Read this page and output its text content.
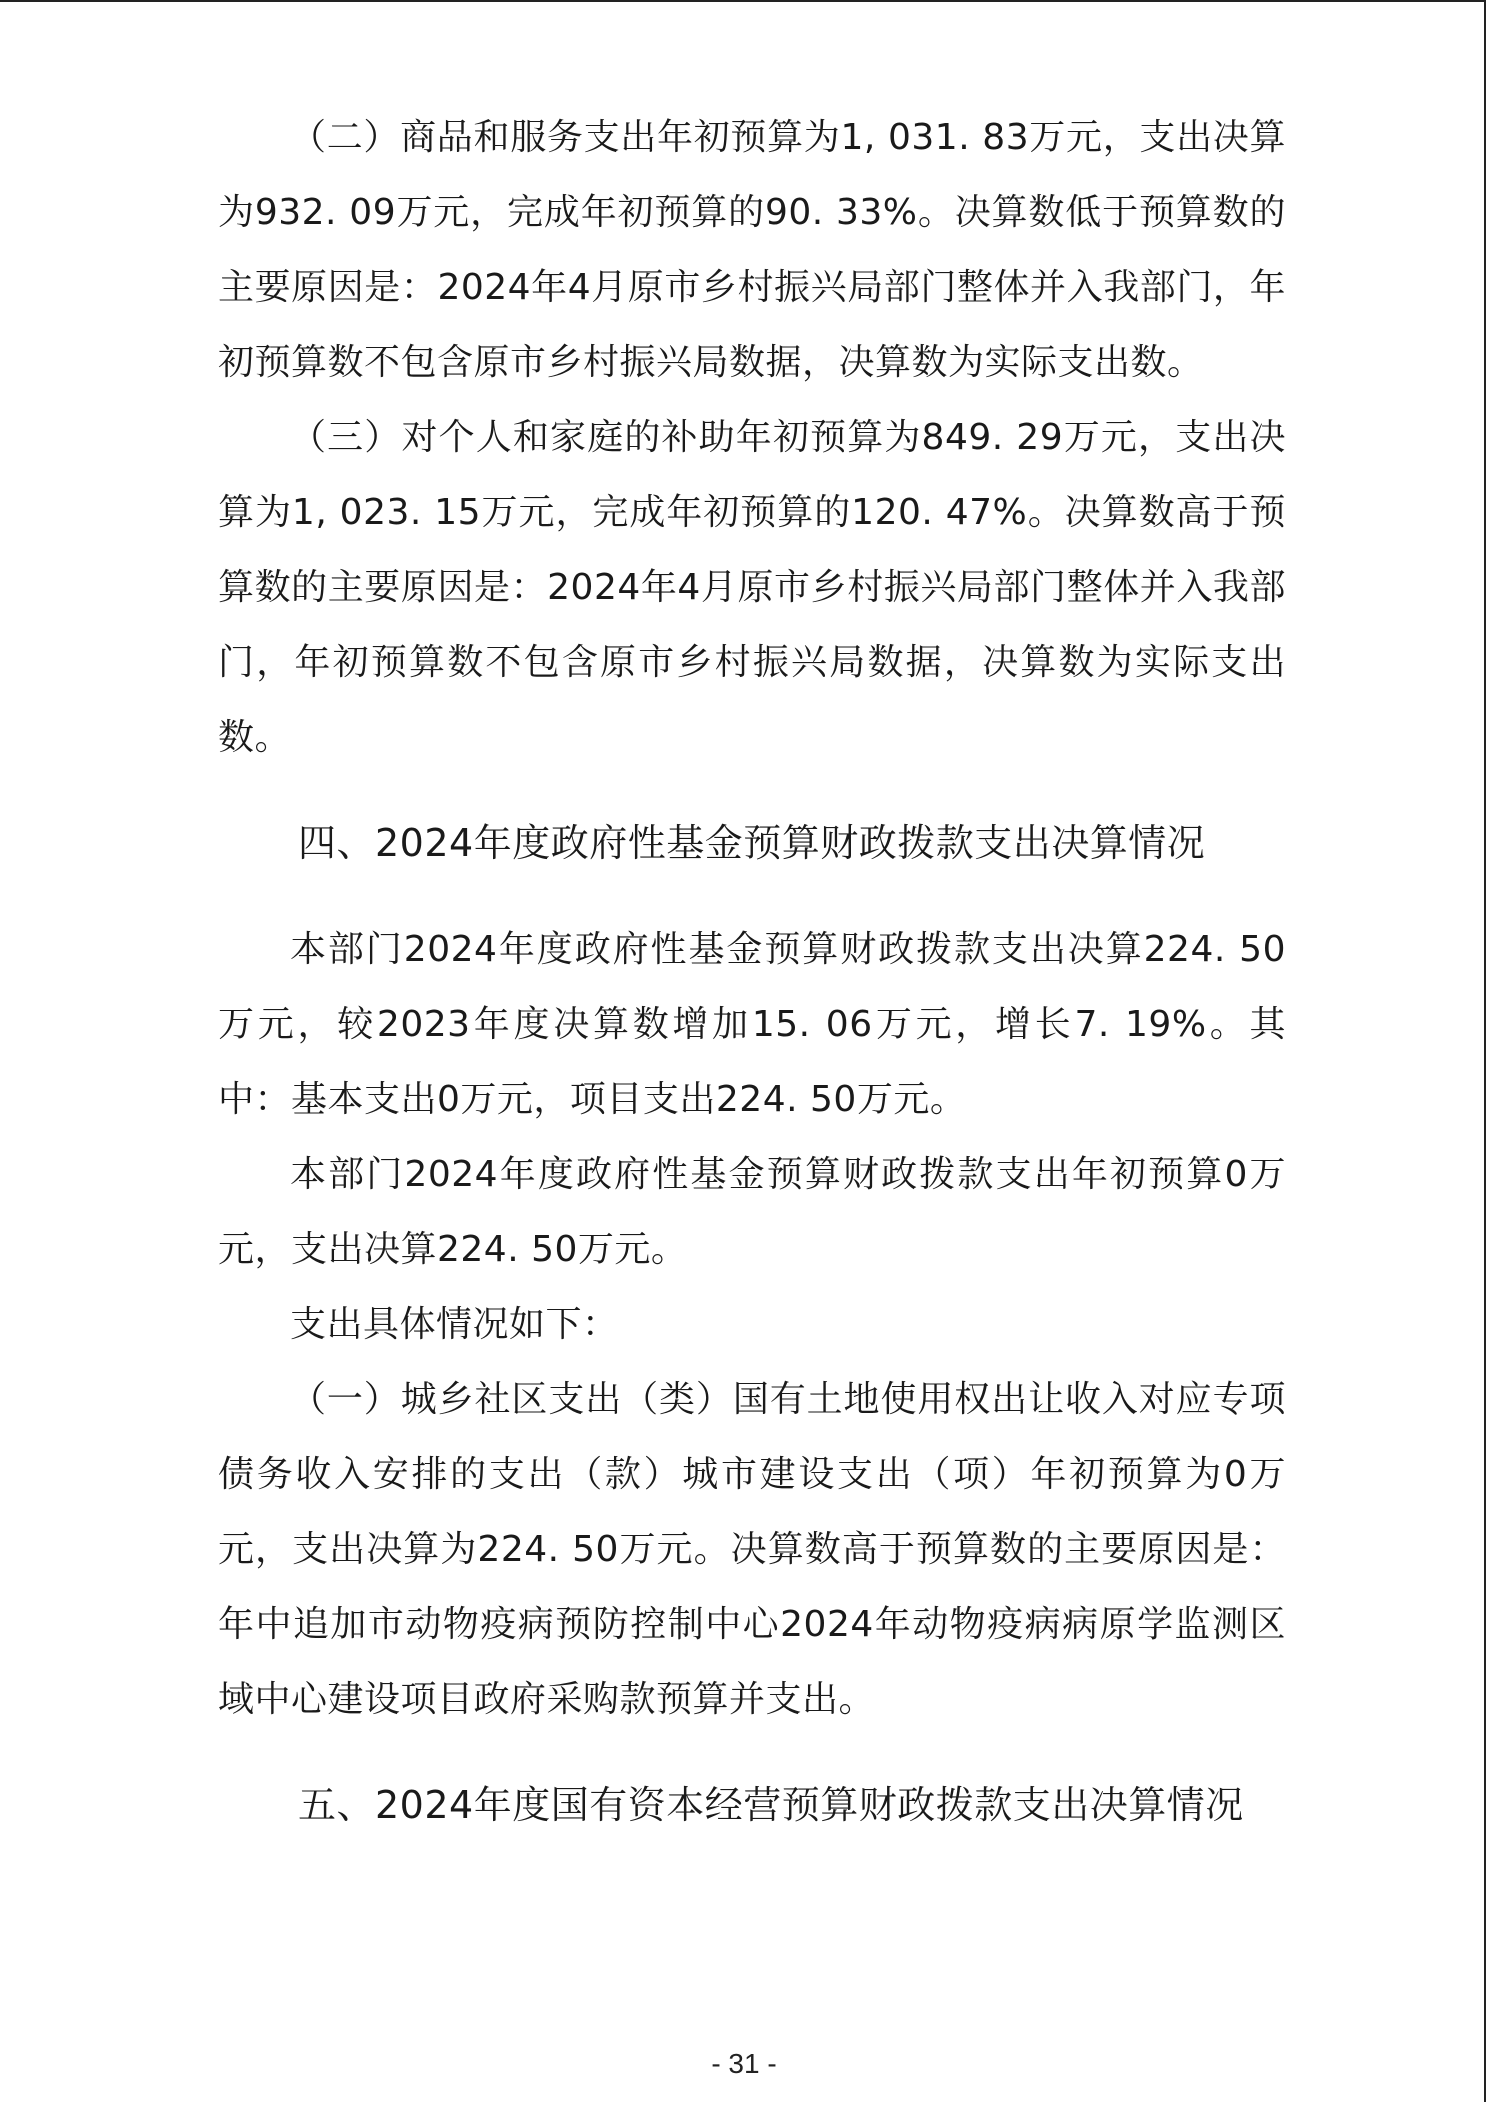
（二）商品和服务支出年初预算为1, 031. 83万元，支出决算为932. 09万元，完成年初预算的90. 33%。决算数低于预算数的主要原因是：2024年4月原市乡村振兴局部门整体并入我部门，年初预算数不包含原市乡村振兴局数据，决算数为实际支出数。

（三）对个人和家庭的补助年初预算为849. 29万元，支出决算为1, 023. 15万元，完成年初预算的120. 47%。决算数高于预算数的主要原因是：2024年4月原市乡村振兴局部门整体并入我部门，年初预算数不包含原市乡村振兴局数据，决算数为实际支出数。

四、2024年度政府性基金预算财政拨款支出决算情况

本部门2024年度政府性基金预算财政拨款支出决算224. 50万元，较2023年度决算数增加15. 06万元，增长7. 19%。其中：基本支出0万元，项目支出224. 50万元。

本部门2024年度政府性基金预算财政拨款支出年初预算0万元，支出决算224. 50万元。

支出具体情况如下：

（一）城乡社区支出（类）国有土地使用权出让收入对应专项债务收入安排的支出（款）城市建设支出（项）年初预算为0万元，支出决算为224. 50万元。决算数高于预算数的主要原因是：年中追加市动物疫病预防控制中心2024年动物疫病病原学监测区域中心建设项目政府采购款预算并支出。

五、2024年度国有资本经营预算财政拨款支出决算情况

- 31 -
